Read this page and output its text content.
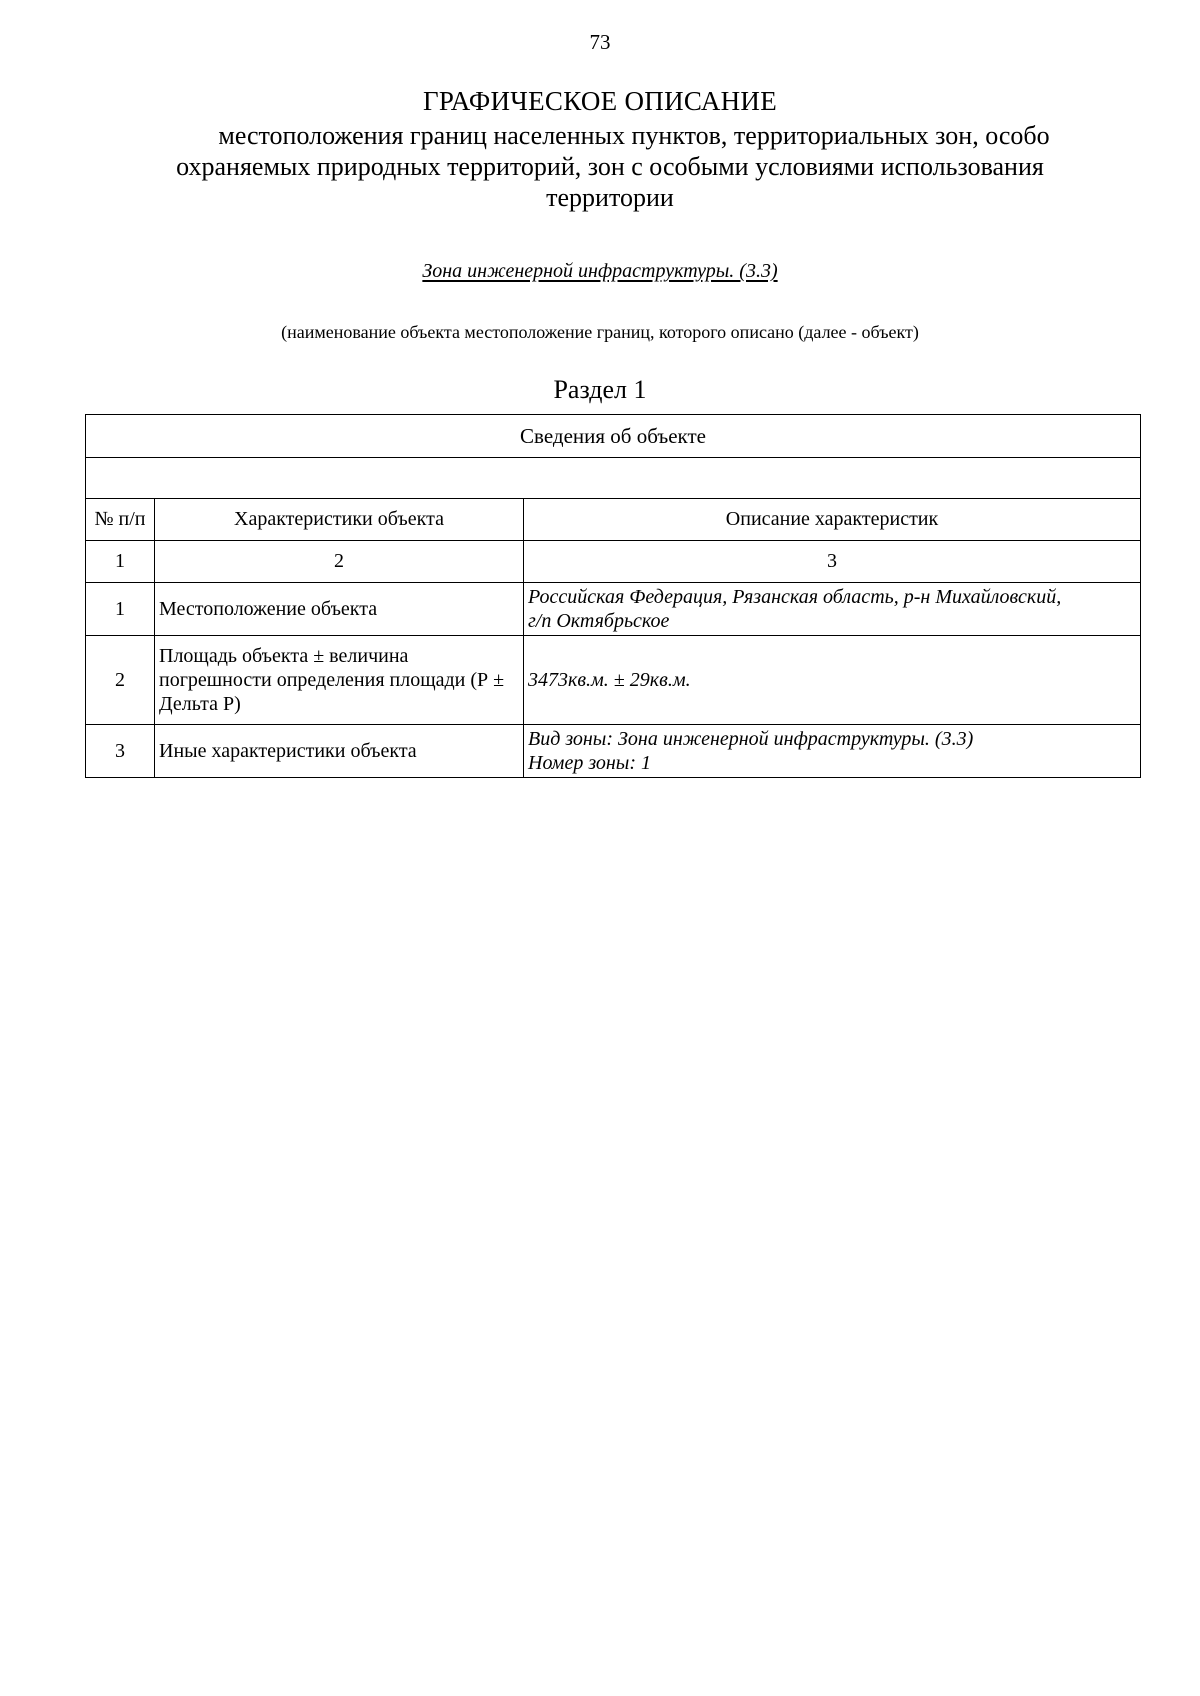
73
ГРАФИЧЕСКОЕ ОПИСАНИЕ
местоположения границ населенных пунктов, территориальных зон, особо охраняемых природных территорий, зон с особыми условиями использования территории
Зона инженерной инфраструктуры. (3.3)
(наименование объекта местоположение границ, которого описано (далее - объект)
Раздел 1
Сведения об объекте		

№ п/п	Характеристики объекта	Описание характеристик
1	2	3
1	Местоположение объекта	Российская Федерация, Рязанская область, р-н Михайловский,
г/п Октябрьское

2	Площадь объекта ± величина погрешности определения площади (Р ± Дельта Р)	3473кв.м. ± 29кв.м.

3	Иные характеристики объекта	Вид зоны: Зона инженерной инфраструктуры. (3.3)
Номер зоны: 1
